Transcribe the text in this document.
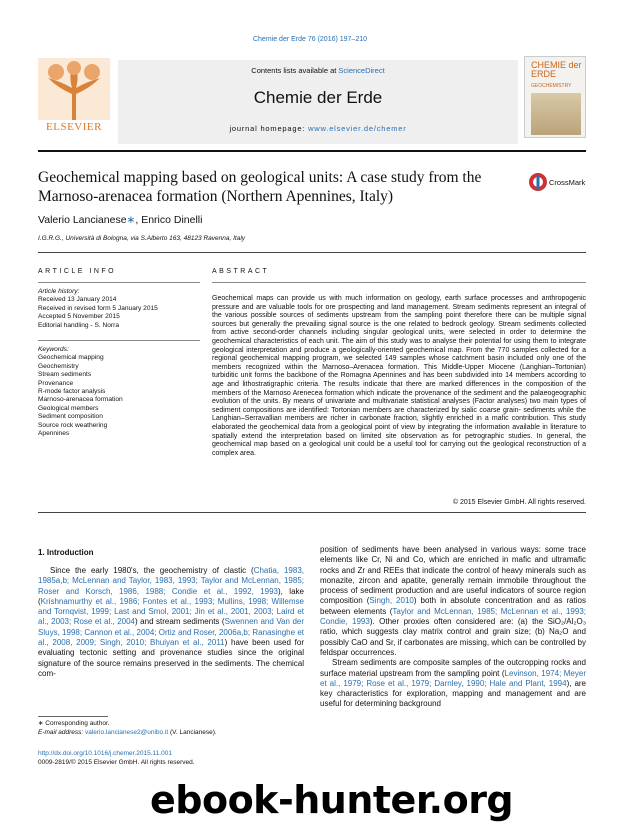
Chemie der Erde 76 (2016) 197–210
Contents lists available at ScienceDirect
Chemie der Erde
journal homepage: www.elsevier.de/chemer
ELSEVIER
CHEMIE der ERDE
GEOCHEMISTRY
Geochemical mapping based on geological units: A case study from the Marnoso-arenacea formation (Northern Apennines, Italy)
CrossMark
Valerio Lancianese∗, Enrico Dinelli
I.G.R.G., Università di Bologna, via S.Alberto 163, 48123 Ravenna, Italy
ARTICLE INFO	ABSTRACT
Article history:
Received 13 January 2014
Received in revised form 5 January 2015
Accepted 5 November 2015
Editorial handling - S. Norra
Keywords:
Geochemical mapping
Geochemistry
Stream sediments
Provenance
R-mode factor analysis
Marnoso-arenacea formation
Geological members
Sediment composition
Source rock weathering
Apennines
Geochemical maps can provide us with much information on geology, earth surface processes and anthropogenic pressure and are valuable tools for ore prospecting and land management. Stream sediments represent an integral of the various possible sources of sediments upstream from the sampling point therefore there can be multiple signal sources but generally the prevailing signal source is the one related to bedrock geology. Stream sediments collected from active second-order channels including singular geological units, were selected in order to determine the geochemical characteristics of each unit. The aim of this study was to analyse their potential for using them to integrate geological interpretation and produce a geologically-oriented geochemical map. From the 770 samples collected for a regional geochemical mapping program, we selected 149 samples whose catchment basin included only one of the members recognized within the Marnoso–Arenacea formation. This Middle-Upper Miocene (Langhian–Tortonian) turbiditic unit forms the backbone of the Romagna Apennines and has been subdivided into 14 members according to age and lithostratigraphic criteria. The results indicate that there are marked differences in the composition of the members of the Marnoso Arenecea formation which indicate the provenance of the sediment and the palaeogeographic evolution of the units. By means of univariate and multivariate statistical analyses (Factor analyses) two main types of sediment compositions are identified: Tortonian members are characterized by sialic coarse grain- sediments while the Langhian–Serravallian members are richer in carbonate fraction, slightly enriched in a mafic contribution. This study elaborated the geochemical data from a geological point of view by integrating the information available in literature to spatially extend the interpretation based on limited site observation as for petrographic studies. In general, the geochemical map based on a geological unit could be a useful tool for carrying out the geological reconstruction of a complex area.
© 2015 Elsevier GmbH. All rights reserved.
1. Introduction

Since the early 1980's, the geochemistry of clastic (Chatia, 1983, 1985a,b; McLennan and Taylor, 1983, 1993; Taylor and McLennan, 1985; Roser and Korsch, 1986, 1988; Condie et al., 1992, 1993), lake (Krishnamurthy et al., 1986; Fontes et al., 1993; Mullins, 1998; Willemse and Tornqvist, 1999; Last and Smol, 2001; Jin et al., 2001, 2003; Laird et al., 2003; Rose et al., 2004) and stream sediments (Swennen and Van der Sluys, 1998; Cannon et al., 2004; Ortiz and Roser, 2006a,b; Ranasinghe et al., 2008, 2009; Singh, 2010; Bhuiyan et al., 2011) have been used for evaluating tectonic setting and provenance studies since the original signature of the source remains preserved in the sediments. The chemical com-

position of sediments have been analysed in various ways: some trace elements like Cr, Ni and Co, which are enriched in mafic and ultramafic rocks and Zr and REEs that indicate the control of heavy minerals such as monazite, zircon and apatite, generally remain immobile throughout the process of sediment production and are useful indicators of source region composition (Singh, 2010) both in absolute concentration and as ratios between elements (Taylor and McLennan, 1985; McLennan et al., 1993; Condie, 1993). Other proxies often considered are: (a) the SiO₂/Al₂O₃ ratio, which suggests clay matrix control and grain size; (b) Na₂O and possibly CaO and Sr, if carbonates are missing, which can be controlled by feldspar occurrences.

Stream sediments are composite samples of the outcropping rocks and surface material upstream from the sampling point (Levinson, 1974; Meyer et al., 1979; Rose et al., 1979; Darnley, 1990; Hale and Plant, 1994), are key characteristics for exploration, mapping and management and are useful for determining background

∗ Corresponding author.
E-mail address: valerio.lancianese2@unibo.it (V. Lancianese).
http://dx.doi.org/10.1016/j.chemer.2015.11.001
0009-2819/© 2015 Elsevier GmbH. All rights reserved.
ebook-hunter.org
